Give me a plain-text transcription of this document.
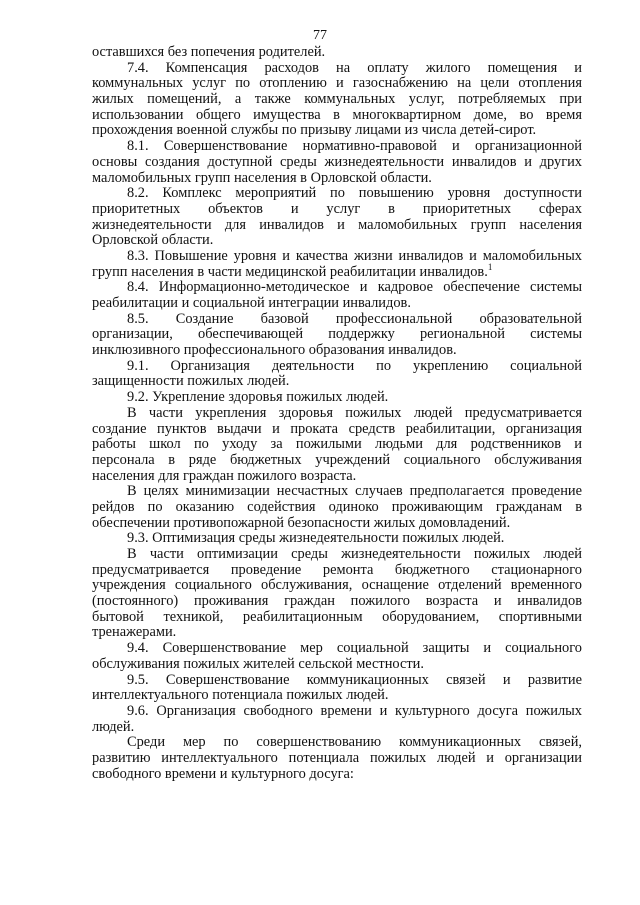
77
оставшихся без попечения родителей.
7.4. Компенсация расходов на оплату жилого помещения и
коммунальных услуг по отоплению и газоснабжению на цели отопления
жилых помещений, а также коммунальных услуг, потребляемых при
использовании общего имущества в многоквартирном доме, во время
прохождения военной службы по призыву лицами из числа детей-сирот.
8.1. Совершенствование нормативно-правовой и организационной
основы создания доступной среды жизнедеятельности инвалидов и других
маломобильных групп населения в Орловской области.
8.2. Комплекс мероприятий по повышению уровня доступности
приоритетных объектов и услуг в приоритетных сферах
жизнедеятельности для инвалидов и маломобильных групп населения
Орловской области.
8.3. Повышение уровня и качества жизни инвалидов и маломобильных
групп населения в части медицинской реабилитации инвалидов.$^1$
8.4. Информационно-методическое и кадровое обеспечение системы
реабилитации и социальной интеграции инвалидов.
8.5. Создание базовой профессиональной образовательной
организации, обеспечивающей поддержку региональной системы
инклюзивного профессионального образования инвалидов.
9.1. Организация деятельности по укреплению социальной
защищенности пожилых людей.
9.2. Укрепление здоровья пожилых людей.
В части укрепления здоровья пожилых людей предусматривается
создание пунктов выдачи и проката средств реабилитации, организация
работы школ по уходу за пожилыми людьми для родственников и
персонала в ряде бюджетных учреждений социального обслуживания
населения для граждан пожилого возраста.
В целях минимизации несчастных случаев предполагается проведение
рейдов по оказанию содействия одиноко проживающим гражданам в
обеспечении противопожарной безопасности жилых домовладений.
9.3. Оптимизация среды жизнедеятельности пожилых людей.
В части оптимизации среды жизнедеятельности пожилых людей
предусматривается проведение ремонта бюджетного стационарного
учреждения социального обслуживания, оснащение отделений временного
(постоянного) проживания граждан пожилого возраста и инвалидов
бытовой техникой, реабилитационным оборудованием, спортивными
тренажерами.
9.4. Совершенствование мер социальной защиты и социального
обслуживания пожилых жителей сельской местности.
9.5. Совершенствование коммуникационных связей и развитие
интеллектуального потенциала пожилых людей.
9.6. Организация свободного времени и культурного досуга пожилых
людей.
Среди мер по совершенствованию коммуникационных связей,
развитию интеллектуального потенциала пожилых людей и организации
свободного времени и культурного досуга:
